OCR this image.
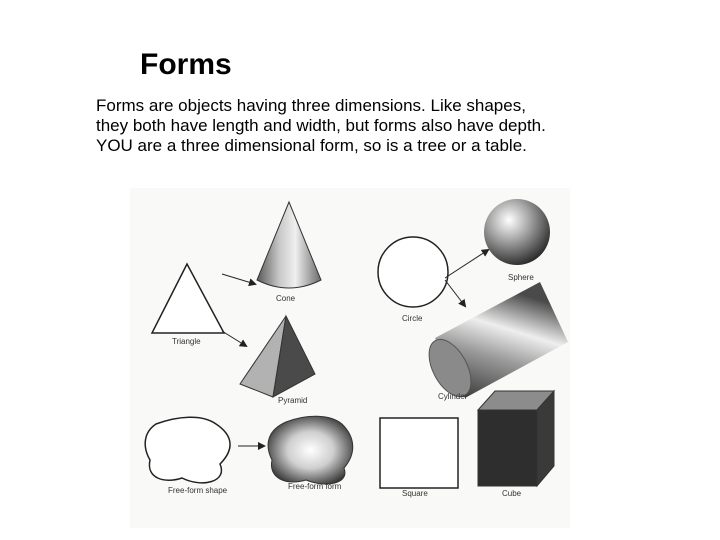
Forms
Forms are objects having three dimensions. Like shapes,
they both have length and width, but forms also have depth.
YOU are a three dimensional form, so is a tree or a table.
Triangle
Cone
Pyramid
Circle
Sphere
Cylinder
Free-form shape	Free-form form
Square	Cube
